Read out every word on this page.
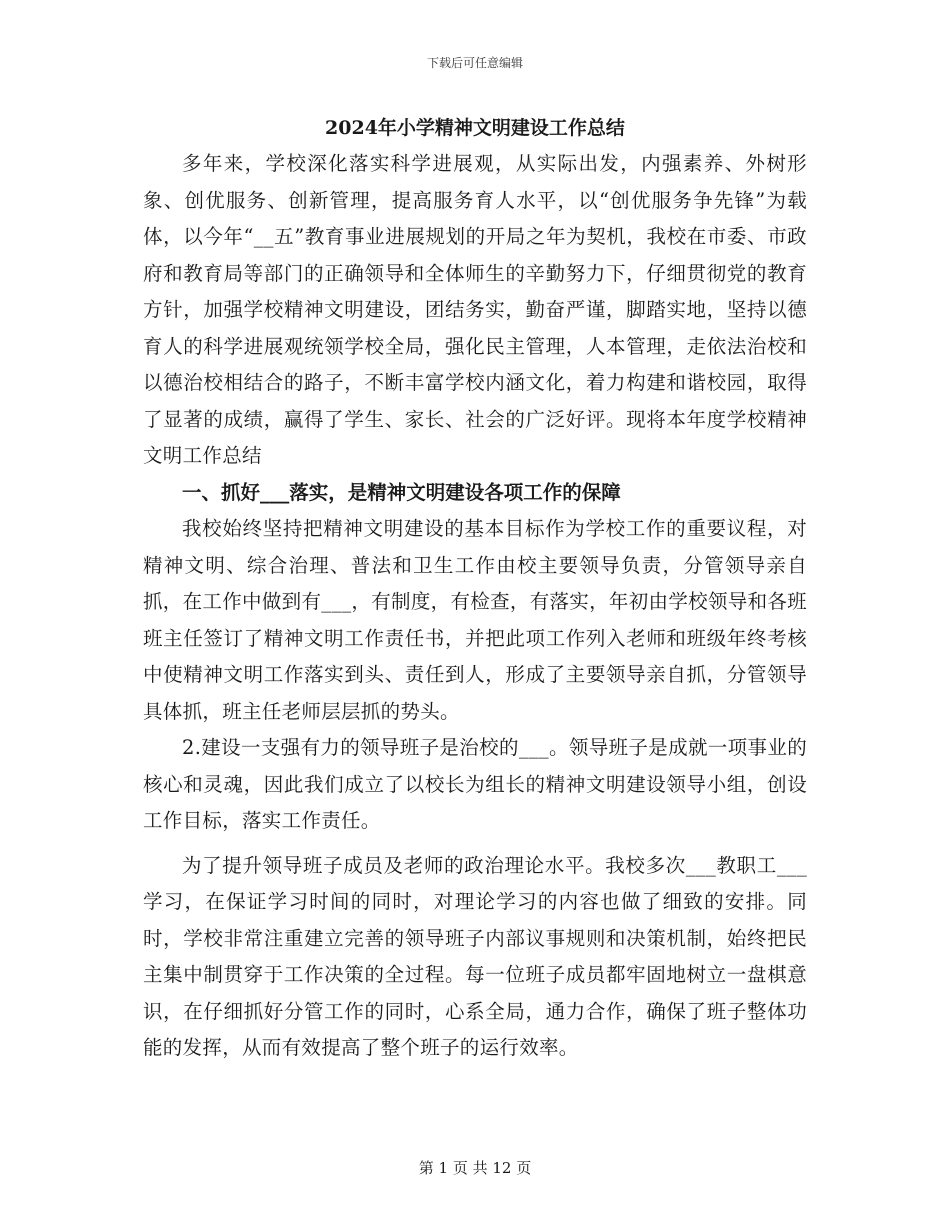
下载后可任意编辑
2024年小学精神文明建设工作总结

多年来，学校深化落实科学进展观，从实际出发，内强素养、外树形象、创优服务、创新管理，提高服务育人水平，以“创优服务争先锋”为载体，以今年“__五”教育事业进展规划的开局之年为契机，我校在市委、市政府和教育局等部门的正确领导和全体师生的辛勤努力下，仔细贯彻党的教育方针，加强学校精神文明建设，团结务实，勤奋严谨，脚踏实地，坚持以德育人的科学进展观统领学校全局，强化民主管理，人本管理，走依法治校和以德治校相结合的路子，不断丰富学校内涵文化，着力构建和谐校园，取得了显著的成绩，赢得了学生、家长、社会的广泛好评。现将本年度学校精神文明工作总结

一、抓好___落实，是精神文明建设各项工作的保障

我校始终坚持把精神文明建设的基本目标作为学校工作的重要议程，对精神文明、综合治理、普法和卫生工作由校主要领导负责，分管领导亲自抓，在工作中做到有___，有制度，有检查，有落实，年初由学校领导和各班班主任签订了精神文明工作责任书，并把此项工作列入老师和班级年终考核中使精神文明工作落实到头、责任到人，形成了主要领导亲自抓，分管领导具体抓，班主任老师层层抓的势头。

2.建设一支强有力的领导班子是治校的___。领导班子是成就一项事业的核心和灵魂，因此我们成立了以校长为组长的精神文明建设领导小组，创设工作目标，落实工作责任。

为了提升领导班子成员及老师的政治理论水平。我校多次___教职工___学习，在保证学习时间的同时，对理论学习的内容也做了细致的安排。同时，学校非常注重建立完善的领导班子内部议事规则和决策机制，始终把民主集中制贯穿于工作决策的全过程。每一位班子成员都牢固地树立一盘棋意识，在仔细抓好分管工作的同时，心系全局，通力合作，确保了班子整体功能的发挥，从而有效提高了整个班子的运行效率。

第 1 页 共 12 页
